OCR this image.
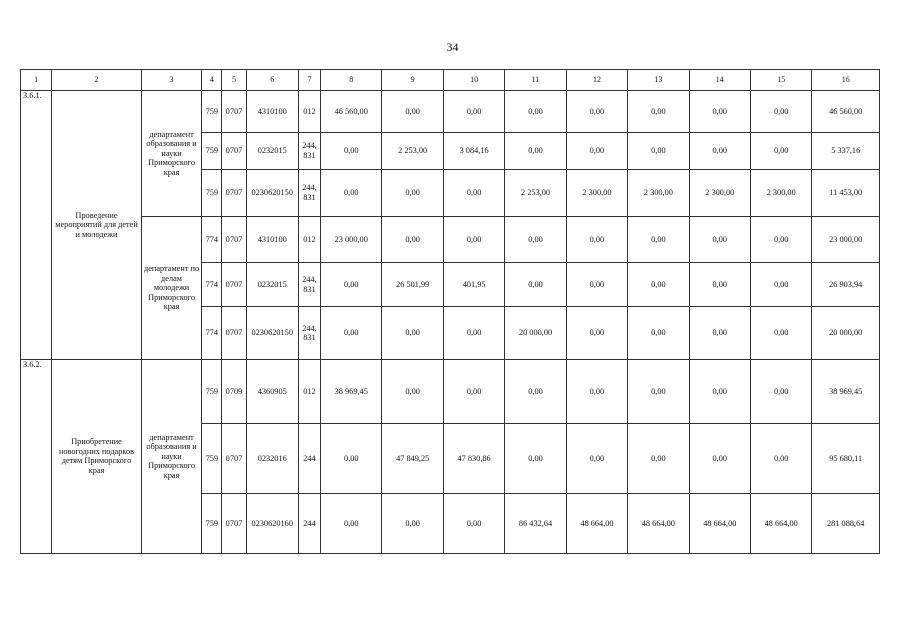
34
1	2	3	4	5	6	7	8	9	10	11	12	13	14	15	16
3.6.1.	Проведение мероприятий для детей и молодежи	департамент образования и науки Приморского края	759	0707	4310100	012	46 560,00	0,00	0,00	0,00	0,00	0,00	0,00	0,00	46 560,00
			759	0707	0232015	244, 831	0,00	2 253,00	3 084,16	0,00	0,00	0,00	0,00	0,00	5 337,16
			759	0707	0230620150	244, 831	0,00	0,00	0,00	2 253,00	2 300,00	2 300,00	2 300,00	2 300,00	11 453,00
		департамент по делам молодежи Приморского края	774	0707	4310100	012	23 000,00	0,00	0,00	0,00	0,00	0,00	0,00	0,00	23 000,00
			774	0707	0232015	244, 831	0,00	26 501,99	401,95	0,00	0,00	0,00	0,00	0,00	26 903,94
			774	0707	0230620150	244, 831	0,00	0,00	0,00	20 000,00	0,00	0,00	0,00	0,00	20 000,00
3.6.2.	Приобретение новогодних подарков детям Приморского края	департамент образования и науки Приморского края	759	0709	4360905	012	38 969,45	0,00	0,00	0,00	0,00	0,00	0,00	0,00	38 969,45
			759	0707	0232016	244	0,00	47 849,25	47 830,86	0,00	0,00	0,00	0,00	0,00	95 680,11
			759	0707	0230620160	244	0,00	0,00	0,00	86 432,64	48 664,00	48 664,00	48 664,00	48 664,00	281 088,64
